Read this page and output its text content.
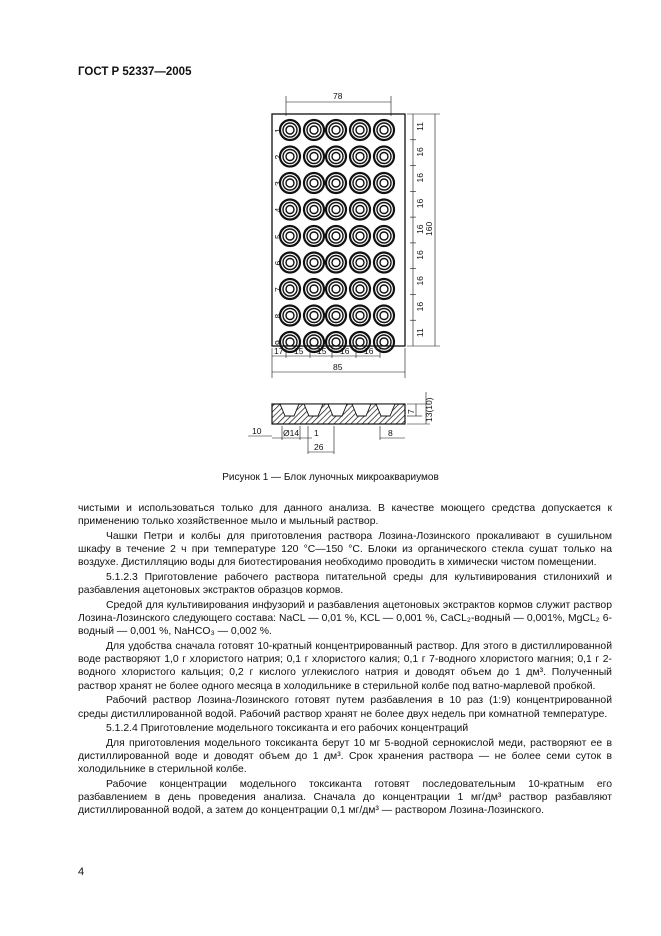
ГОСТ Р 52337—2005
1
2
3
4
5
6
7
8
9
78
160
11
16
16
16
16
16
16
16
11
17 15 15 16 16
85
7 13(10)
10	Ø14 1
26
8
Рисунок 1 — Блок луночных микроаквариумов

чистыми и использоваться только для данного анализа. В качестве моющего средства допускается к применению только хозяйственное мыло и мыльный раствор.

Чашки Петри и колбы для приготовления раствора Лозина-Лозинского прокаливают в сушильном шкафу в течение 2 ч при температуре 120 °С—150 °С. Блоки из органического стекла сушат только на воздухе. Дистилляцию воды для биотестирования необходимо проводить в химически чистом помещении.

5.1.2.3 Приготовление рабочего раствора питательной среды для культивирования стилонихий и разбавления ацетоновых экстрактов образцов кормов.

Средой для культивирования инфузорий и разбавления ацетоновых экстрактов кормов служит раствор Лозина-Лозинского следующего состава: NaCL — 0,01 %, KCL — 0,001 %, CaCL₂-водный — 0,001%, MgCL₂ 6-водный — 0,001 %, NaHCO₃ — 0,002 %.

Для удобства сначала готовят 10-кратный концентрированный раствор. Для этого в дистиллированной воде растворяют 1,0 г хлористого натрия; 0,1 г хлористого калия; 0,1 г 7-водного хлористого магния; 0,1 г 2-водного хлористого кальция; 0,2 г кислого углекислого натрия и доводят объем до 1 дм³. Полученный раствор хранят не более одного месяца в холодильнике в стерильной колбе под ватно-марлевой пробкой.

Рабочий раствор Лозина-Лозинского готовят путем разбавления в 10 раз (1:9) концентрированной среды дистиллированной водой. Рабочий раствор хранят не более двух недель при комнатной температуре.

5.1.2.4 Приготовление модельного токсиканта и его рабочих концентраций

Для приготовления модельного токсиканта берут 10 мг 5-водной сернокислой меди, растворяют ее в дистиллированной воде и доводят объем до 1 дм³. Срок хранения раствора — не более семи суток в холодильнике в стерильной колбе.

Рабочие концентрации модельного токсиканта готовят последовательным 10-кратным его разбавлением в день проведения анализа. Сначала до концентрации 1 мг/дм³ раствор разбавляют дистиллированной водой, а затем до концентрации 0,1 мг/дм³ — раствором Лозина-Лозинского.

4
